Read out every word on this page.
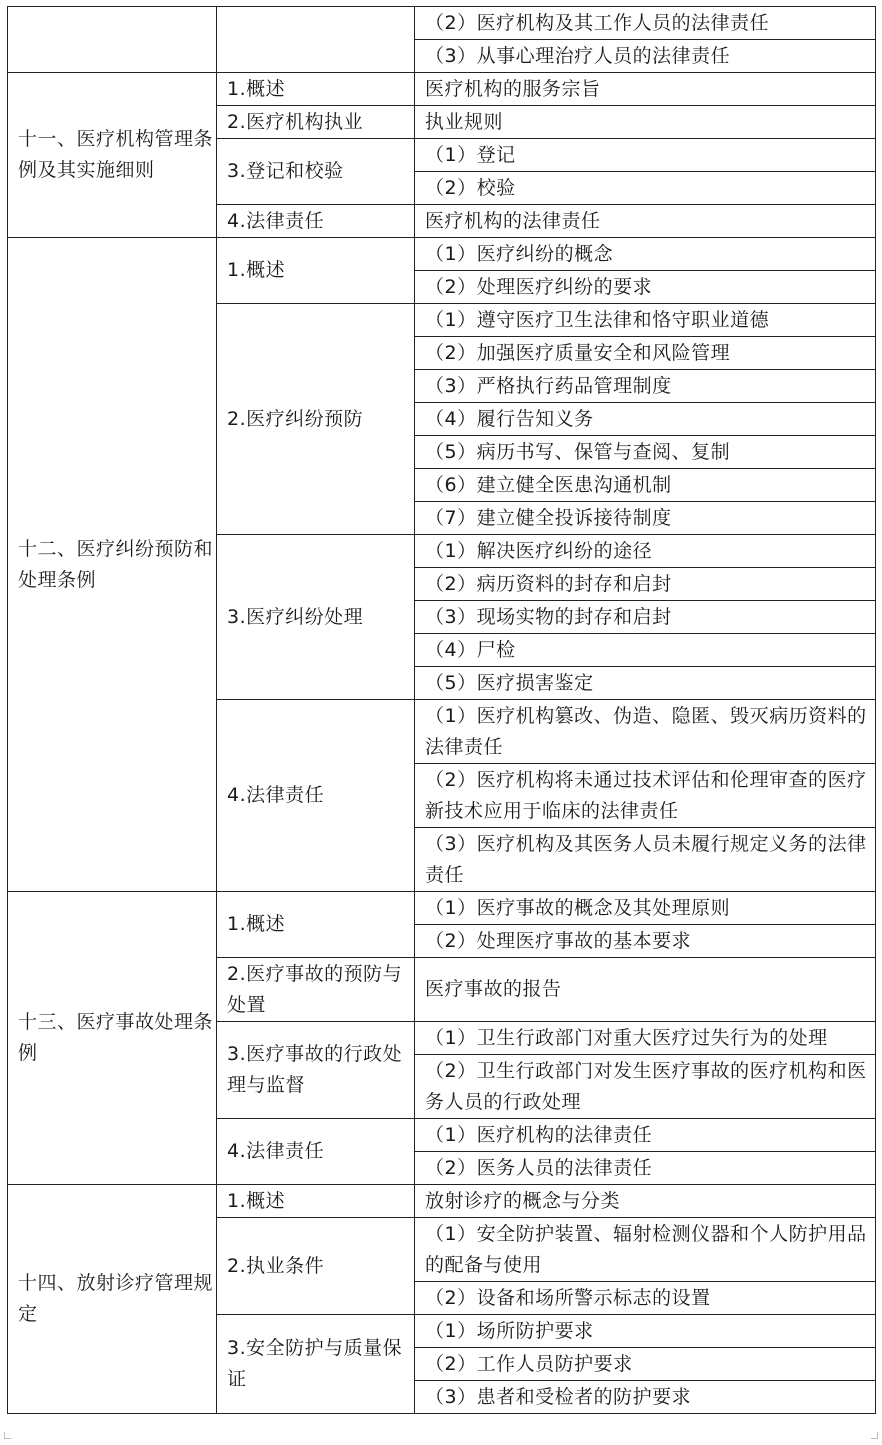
		（2）医疗机构及其工作人员的法律责任
		（3）从事心理治疗人员的法律责任
十一、医疗机构管理条例及其实施细则	1.概述	医疗机构的服务宗旨
	2.医疗机构执业	执业规则
	3.登记和校验	（1）登记
		（2）校验
	4.法律责任	医疗机构的法律责任
十二、医疗纠纷预防和处理条例	1.概述	（1）医疗纠纷的概念
		（2）处理医疗纠纷的要求
	2.医疗纠纷预防	（1）遵守医疗卫生法律和恪守职业道德
		（2）加强医疗质量安全和风险管理
		（3）严格执行药品管理制度
		（4）履行告知义务
		（5）病历书写、保管与查阅、复制
		（6）建立健全医患沟通机制
		（7）建立健全投诉接待制度
	3.医疗纠纷处理	（1）解决医疗纠纷的途径
		（2）病历资料的封存和启封
		（3）现场实物的封存和启封
		（4）尸检
		（5）医疗损害鉴定
	4.法律责任	（1）医疗机构篡改、伪造、隐匿、毁灭病历资料的法律责任
		（2）医疗机构将未通过技术评估和伦理审查的医疗新技术应用于临床的法律责任
		（3）医疗机构及其医务人员未履行规定义务的法律责任
十三、医疗事故处理条例	1.概述	（1）医疗事故的概念及其处理原则
		（2）处理医疗事故的基本要求
	2.医疗事故的预防与处置	医疗事故的报告
	3.医疗事故的行政处理与监督	（1）卫生行政部门对重大医疗过失行为的处理
		（2）卫生行政部门对发生医疗事故的医疗机构和医务人员的行政处理
	4.法律责任	（1）医疗机构的法律责任
		（2）医务人员的法律责任
十四、放射诊疗管理规定	1.概述	放射诊疗的概念与分类
	2.执业条件	（1）安全防护装置、辐射检测仪器和个人防护用品的配备与使用
		（2）设备和场所警示标志的设置
	3.安全防护与质量保证	（1）场所防护要求
		（2）工作人员防护要求
		（3）患者和受检者的防护要求
